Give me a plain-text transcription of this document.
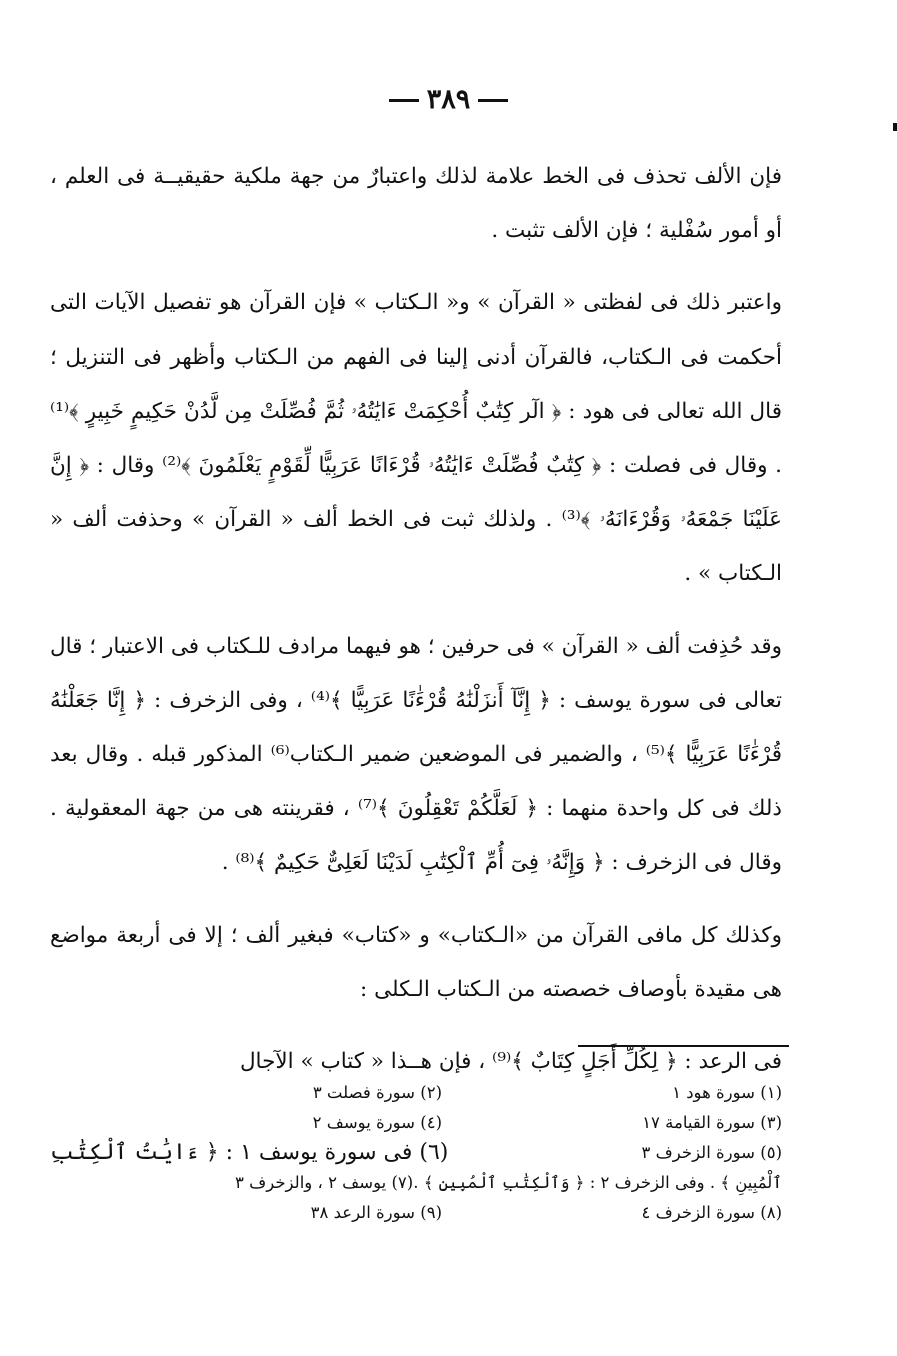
٣٨٩

فإن الألف تحذف فى الخط علامة لذلك واعتبارٌ من جهة ملكية حقيقيــة فى العلم ، أو أمور سُفْلية ؛ فإن الألف تثبت .

واعتبر ذلك فى لفظتى « القرآن » و« الـكتاب » فإن القرآن هو تفصيل الآيات التى أحكمت فى الـكتاب، فالقرآن أدنى إلينا فى الفهم من الـكتاب وأظهر فى التنزيل ؛ قال الله تعالى فى هود : ﴿ الٓر كِتَٰبٌ أُحْكِمَتْ ءَايَٰتُهُۥ ثُمَّ فُصِّلَتْ مِن لَّدُنْ حَكِيمٍ خَبِيرٍ ﴾⁽¹⁾ . وقال فى فصلت : ﴿ كِتَٰبٌ فُصِّلَتْ ءَايَٰتُهُۥ قُرْءَانًا عَرَبِيًّا لِّقَوْمٍ يَعْلَمُونَ ﴾⁽²⁾ وقال : ﴿ إِنَّ عَلَيْنَا جَمْعَهُۥ وَقُرْءَانَهُۥ ﴾⁽³⁾ . ولذلك ثبت فى الخط ألف « القرآن » وحذفت ألف « الـكتاب » .

وقد حُذِفت ألف « القرآن » فى حرفين ؛ هو فيهما مرادف للـكتاب فى الاعتبار ؛ قال تعالى فى سورة يوسف : ﴿ إِنَّآ أَنزَلْنَٰهُ قُرْءَٰنًا عَرَبِيًّا ﴾⁽⁴⁾ ، وفى الزخرف : ﴿ إِنَّا جَعَلْنَٰهُ قُرْءَٰنًا عَرَبِيًّا ﴾⁽⁵⁾ ، والضمير فى الموضعين ضمير الـكتاب⁽⁶⁾ المذكور قبله . وقال بعد ذلك فى كل واحدة منهما : ﴿ لَعَلَّكُمْ تَعْقِلُونَ ﴾⁽⁷⁾ ، فقرينته هى من جهة المعقولية . وقال فى الزخرف : ﴿ وَإِنَّهُۥ فِىٓ أُمِّ ٱلْكِتَٰبِ لَدَيْنَا لَعَلِىٌّ حَكِيمٌ ﴾⁽⁸⁾ .

وكذلك كل مافى القرآن من «الـكتاب» و «كتاب» فبغير ألف ؛ إلا فى أربعة مواضع هى مقيدة بأوصاف خصصته من الـكتاب الـكلى :

فى الرعد : ﴿ لِكُلِّ أَجَلٍ كِتَابٌ ﴾⁽⁹⁾ ، فإن هــذا « كتاب » الآجال

(١) سورة هود ١
(٢) سورة فصلت ٣
(٣) سورة القيامة ١٧
(٤) سورة يوسف ٢
(٥) سورة الزخرف ٣
(٦) فى سورة يوسف ١ : ﴿ ءَايَٰتُ ٱلْكِتَٰبِ
ٱلْمُبِينِ ﴾ . وفى الزخرف ٢ : ﴿ وَٱلْكِتَٰبِ ٱلْمُبِينِ ﴾ .(٧) يوسف ٢ ، والزخرف ٣
(٨) سورة الزخرف ٤
(٩) سورة الرعد ٣٨
